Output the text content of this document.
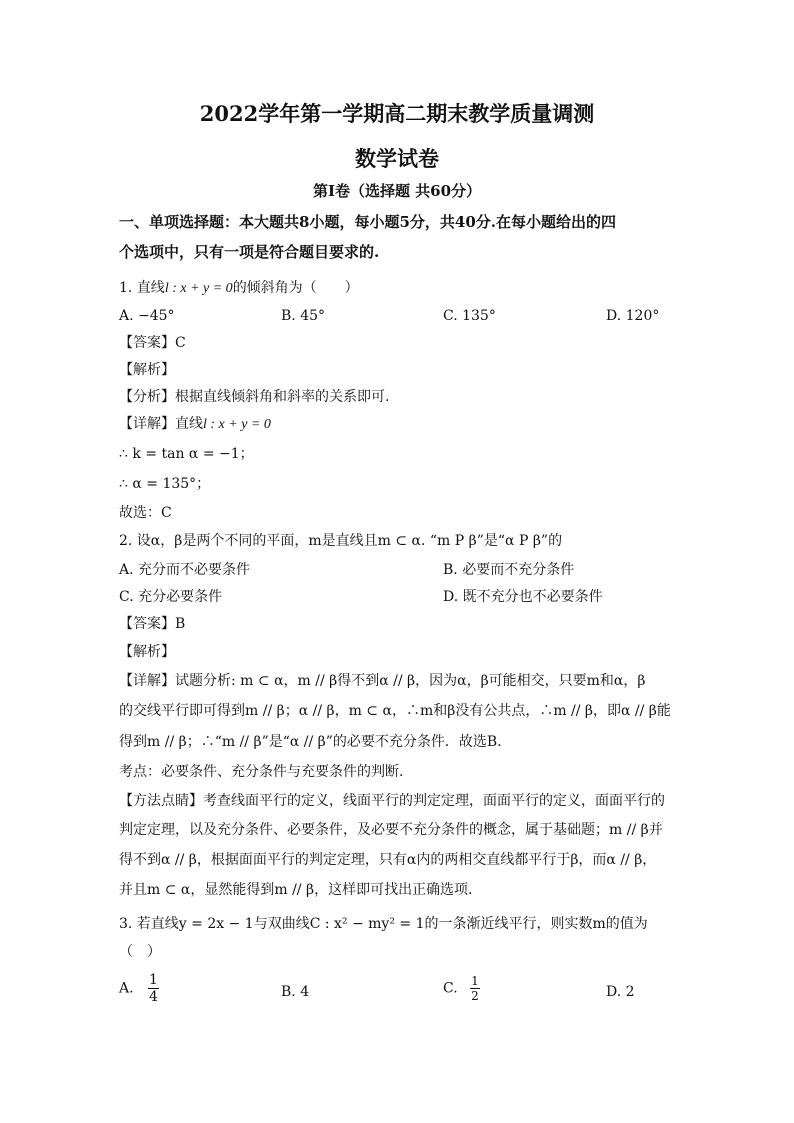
2022学年第一学期高二期末教学质量调测
数学试卷
第Ⅰ卷（选择题 共60分）
一、单项选择题：本大题共8小题，每小题5分，共40分.在每小题给出的四
个选项中，只有一项是符合题目要求的.
1. 直线l : x + y = 0的倾斜角为（　　）
A. −45°	B. 45°	C. 135°	D. 120°
【答案】C
【解析】
【分析】根据直线倾斜角和斜率的关系即可.
【详解】直线l : x + y = 0
∴ k = tan α = −1；
∴ α = 135°；
故选：C
2. 设α，β是两个不同的平面，m是直线且m ⊂ α. “m P β”是“α P β”的
A. 充分而不必要条件	B. 必要而不充分条件
C. 充分必要条件	D. 既不充分也不必要条件
【答案】B
【解析】
【详解】试题分析: m ⊂ α，m // β得不到α // β，因为α，β可能相交，只要m和α，β
的交线平行即可得到m // β；α // β，m ⊂ α，∴m和β没有公共点，∴m // β，即α // β能
得到m // β；∴“m // β”是“α // β”的必要不充分条件．故选B．
考点：必要条件、充分条件与充要条件的判断.
【方法点睛】考查线面平行的定义，线面平行的判定定理，面面平行的定义，面面平行的
判定定理，以及充分条件、必要条件，及必要不充分条件的概念，属于基础题；m // β并
得不到α // β，根据面面平行的判定定理，只有α内的两相交直线都平行于β，而α // β，
并且m ⊂ α，显然能得到m // β，这样即可找出正确选项.
3. 若直线y = 2x − 1与双曲线C : x² − my² = 1的一条渐近线平行，则实数m的值为
（　）
A. $\frac{1}{4}$	B. 4	C. $\frac{1}{2}$	D. 2
